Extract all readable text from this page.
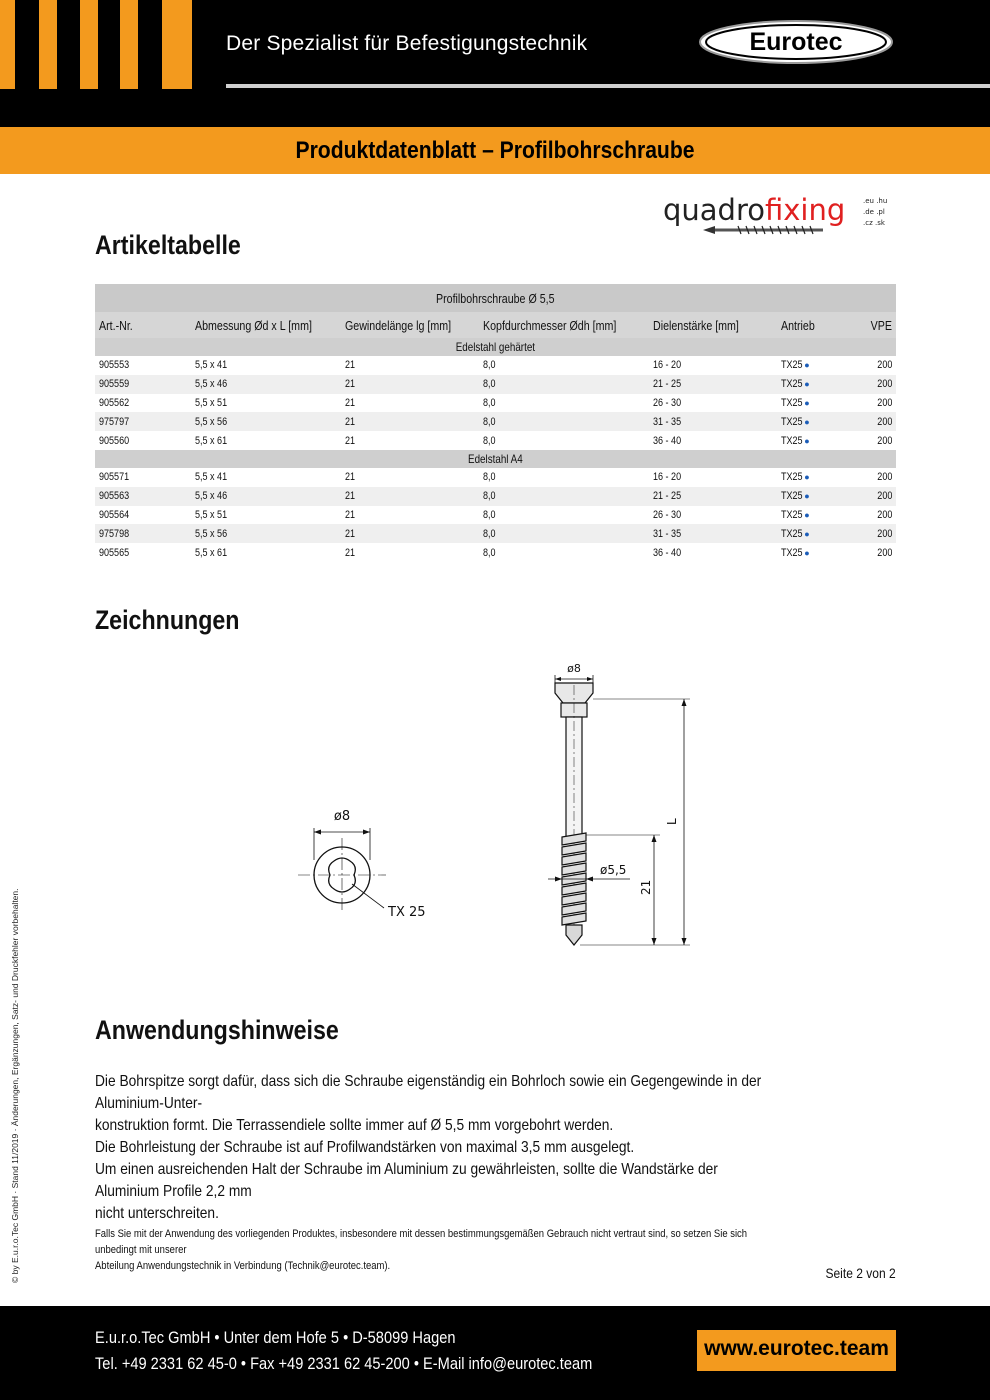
Der Spezialist für Befestigungstechnik	Eurotec
Produktdatenblatt – Profilbohrschraube
quadrofixing	.eu .hu
.de .pl
.cz .sk
Artikeltabelle
Profilbohrschraube Ø 5,5						
Art.-Nr.	Abmessung Ød x L [mm]	Gewindelänge lg [mm]	Kopfdurchmesser Ødh [mm]	Dielenstärke [mm]	Antrieb	VPE
Edelstahl gehärtet						
905553	5,5 x 41	21	8,0	16 - 20	TX25 ●	200
905559	5,5 x 46	21	8,0	21 - 25	TX25 ●	200
905562	5,5 x 51	21	8,0	26 - 30	TX25 ●	200
975797	5,5 x 56	21	8,0	31 - 35	TX25 ●	200
905560	5,5 x 61	21	8,0	36 - 40	TX25 ●	200
Edelstahl A4						
905571	5,5 x 41	21	8,0	16 - 20	TX25 ●	200
905563	5,5 x 46	21	8,0	21 - 25	TX25 ●	200
905564	5,5 x 51	21	8,0	26 - 30	TX25 ●	200
975798	5,5 x 56	21	8,0	31 - 35	TX25 ●	200
905565	5,5 x 61	21	8,0	36 - 40	TX25 ●	200
Zeichnungen
ø8
TX 25
ø8
L
21
ø5,5
Anwendungshinweise
Die Bohrspitze sorgt dafür, dass sich die Schraube eigenständig ein Bohrloch sowie ein Gegengewinde in der Aluminium-Unter-
konstruktion formt. Die Terrassendiele sollte immer auf Ø 5,5 mm vorgebohrt werden.
Die Bohrleistung der Schraube ist auf Profilwandstärken von maximal 3,5 mm ausgelegt.
Um einen ausreichenden Halt der Schraube im Aluminium zu gewährleisten, sollte die Wandstärke der Aluminium Profile 2,2 mm
nicht unterschreiten.
Falls Sie mit der Anwendung des vorliegenden Produktes, insbesondere mit dessen bestimmungsgemäßen Gebrauch nicht vertraut sind, so setzen Sie sich unbedingt mit unserer
Abteilung Anwendungstechnik in Verbindung (Technik@eurotec.team).	Seite 2 von 2
© by E.u.r.o.Tec GmbH · Stand 11/2019 · Änderungen, Ergänzungen, Satz- und Druckfehler vorbehalten.
E.u.r.o.Tec GmbH • Unter dem Hofe 5 • D-58099 Hagen
Tel. +49 2331 62 45-0 • Fax +49 2331 62 45-200 • E-Mail info@eurotec.team
www.eurotec.team
